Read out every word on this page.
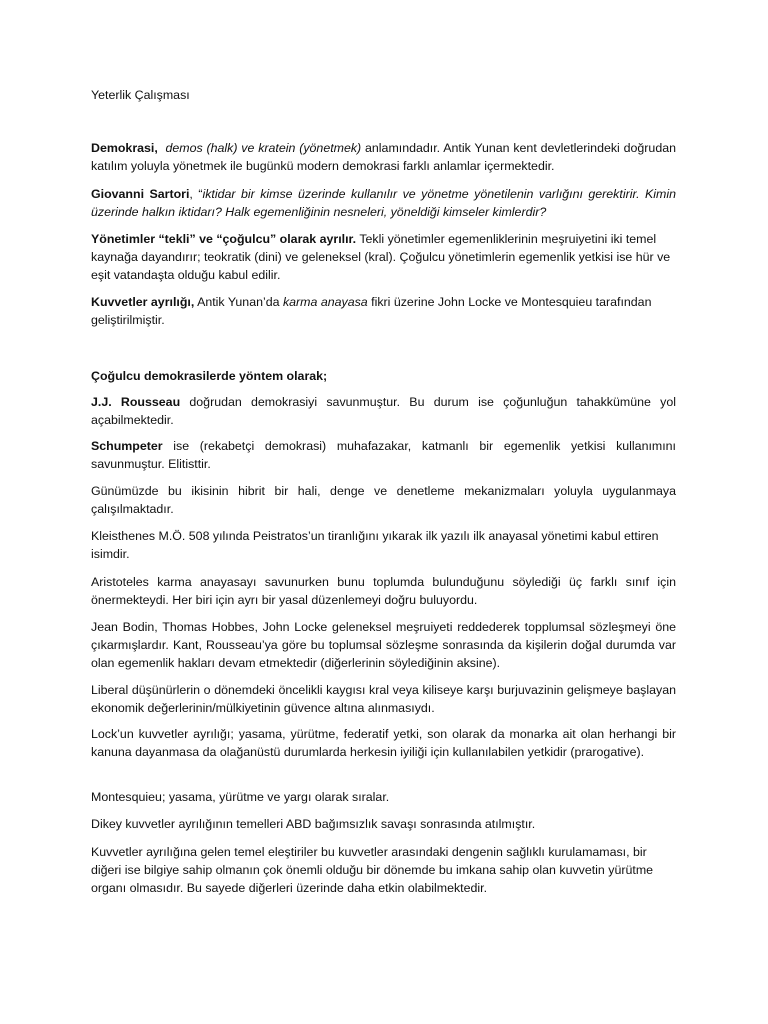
Yeterlik Çalışması

Demokrasi, demos (halk) ve kratein (yönetmek) anlamındadır. Antik Yunan kent devletlerindeki doğrudan katılım yoluyla yönetmek ile bugünkü modern demokrasi farklı anlamlar içermektedir.

Giovanni Sartori, “iktidar bir kimse üzerinde kullanılır ve yönetme yönetilenin varlığını gerektirir. Kimin üzerinde halkın iktidarı? Halk egemenliğinin nesneleri, yöneldiği kimseler kimlerdir?

Yönetimler “tekli” ve “çoğulcu” olarak ayrılır. Tekli yönetimler egemenliklerinin meşruiyetini iki temel kaynağa dayandırır; teokratik (dini) ve geleneksel (kral). Çoğulcu yönetimlerin egemenlik yetkisi ise hür ve eşit vatandaşta olduğu kabul edilir.

Kuvvetler ayrılığı, Antik Yunan’da karma anayasa fikri üzerine John Locke ve Montesquieu tarafından geliştirilmiştir.

Çoğulcu demokrasilerde yöntem olarak;

J.J. Rousseau doğrudan demokrasiyi savunmuştur. Bu durum ise çoğunluğun tahakkümüne yol açabilmektedir.

Schumpeter ise (rekabetçi demokrasi) muhafazakar, katmanlı bir egemenlik yetkisi kullanımını savunmuştur. Elitisttir.

Günümüzde bu ikisinin hibrit bir hali, denge ve denetleme mekanizmaları yoluyla uygulanmaya çalışılmaktadır.

Kleisthenes M.Ö. 508 yılında Peistratos’un tiranlığını yıkarak ilk yazılı ilk anayasal yönetimi kabul ettiren isimdir.

Aristoteles karma anayasayı savunurken bunu toplumda bulunduğunu söylediği üç farklı sınıf için önermekteydi. Her biri için ayrı bir yasal düzenlemeyi doğru buluyordu.

Jean Bodin, Thomas Hobbes, John Locke geleneksel meşruiyeti reddederek topplumsal sözleşmeyi öne çıkarmışlardır. Kant, Rousseau’ya göre bu toplumsal sözleşme sonrasında da kişilerin doğal durumda var olan egemenlik hakları devam etmektedir (diğerlerinin söylediğinin aksine).

Liberal düşünürlerin o dönemdeki öncelikli kaygısı kral veya kiliseye karşı burjuvazinin gelişmeye başlayan ekonomik değerlerinin/mülkiyetinin güvence altına alınmasıydı.

Lock’un kuvvetler ayrılığı; yasama, yürütme, federatif yetki, son olarak da monarka ait olan herhangi bir kanuna dayanmasa da olağanüstü durumlarda herkesin iyiliği için kullanılabilen yetkidir (prarogative).

Montesquieu; yasama, yürütme ve yargı olarak sıralar.

Dikey kuvvetler ayrılığının temelleri ABD bağımsızlık savaşı sonrasında atılmıştır.

Kuvvetler ayrılığına gelen temel eleştiriler bu kuvvetler arasındaki dengenin sağlıklı kurulamaması, bir diğeri ise bilgiye sahip olmanın çok önemli olduğu bir dönemde bu imkana sahip olan kuvvetin yürütme organı olmasıdır. Bu sayede diğerleri üzerinde daha etkin olabilmektedir.
